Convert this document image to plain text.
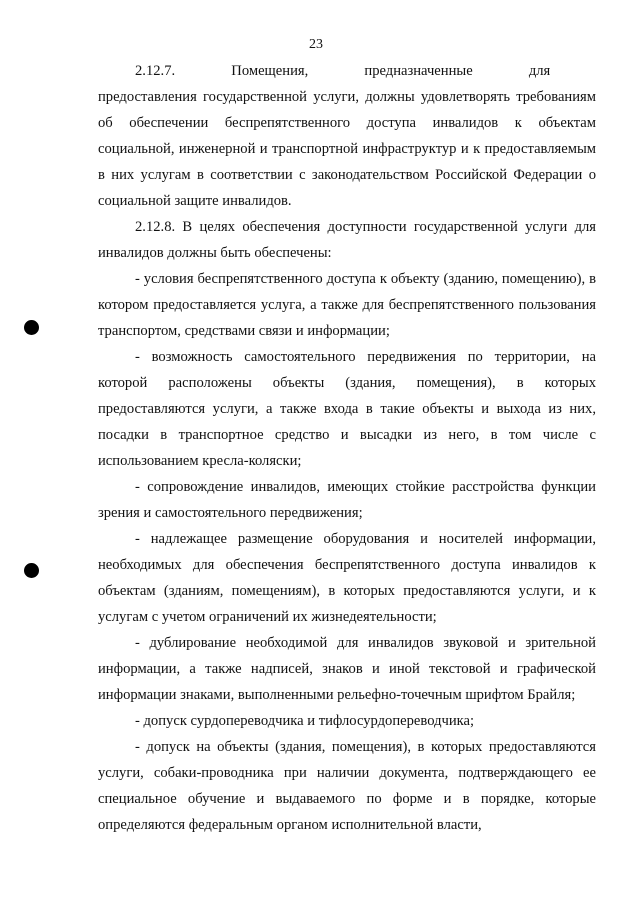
23

2.12.7.        Помещения,        предназначенные        для        предоставления государственной услуги, должны удовлетворять требованиям об обеспечении беспрепятственного доступа инвалидов к объектам социальной, инженерной и транспортной инфраструктур и к предоставляемым в них услугам в соответствии с законодательством Российской Федерации о социальной защите инвалидов.

2.12.8. В целях обеспечения доступности государственной услуги для инвалидов должны быть обеспечены:

- условия беспрепятственного доступа к объекту (зданию, помещению), в котором предоставляется услуга, а также для беспрепятственного пользования транспортом, средствами связи и информации;

- возможность самостоятельного передвижения по территории, на которой расположены объекты (здания, помещения), в которых предоставляются услуги, а также входа в такие объекты и выхода из них, посадки в транспортное средство и высадки из него, в том числе с использованием кресла-коляски;

- сопровождение инвалидов, имеющих стойкие расстройства функции зрения и самостоятельного передвижения;

- надлежащее размещение оборудования и носителей информации, необходимых для обеспечения беспрепятственного доступа инвалидов к объектам (зданиям, помещениям), в которых предоставляются услуги, и к услугам с учетом ограничений их жизнедеятельности;

- дублирование необходимой для инвалидов звуковой и зрительной информации, а также надписей, знаков и иной текстовой и графической информации знаками, выполненными рельефно-точечным шрифтом Брайля;

- допуск сурдопереводчика и тифлосурдопереводчика;

- допуск на объекты (здания, помещения), в которых предоставляются услуги, собаки-проводника при наличии документа, подтверждающего ее специальное обучение и выдаваемого по форме и в порядке, которые определяются федеральным органом исполнительной власти,
